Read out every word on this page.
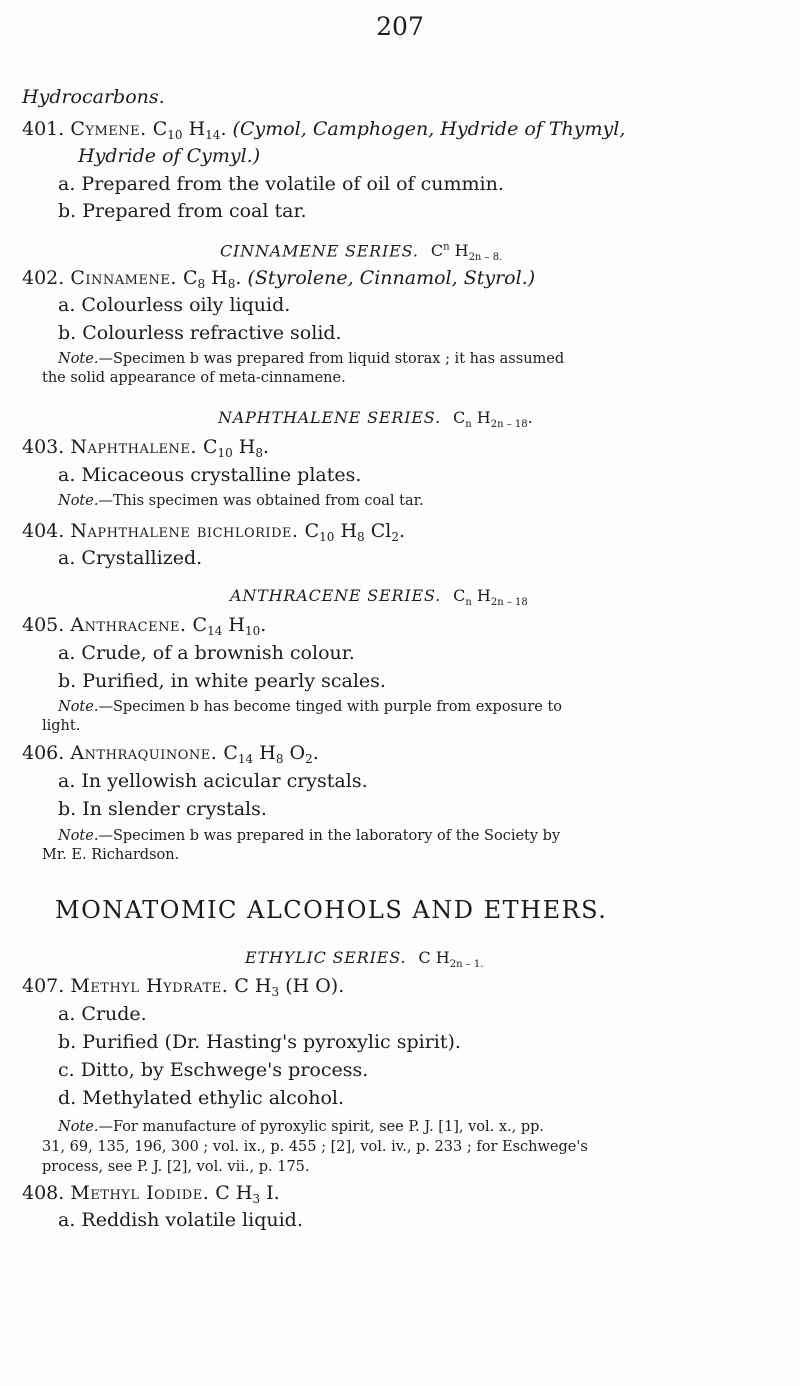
207
Hydrocarbons.
401. Cymene. $C_{10}$ $H_{14}$. (Cymol, Camphogen, Hydride of Thymyl,
Hydride of Cymyl.)
a. Prepared from the volatile of oil of cummin.
b. Prepared from coal tar.
CINNAMENE SERIES. $C^n$ $H_{2n - 8.}$
402. Cinnamene. $C_8$ $H_8$. (Styrolene, Cinnamol, Styrol.)
a. Colourless oily liquid.
b. Colourless refractive solid.
Note.—Specimen b was prepared from liquid storax ; it has assumed
the solid appearance of meta-cinnamene.
NAPHTHALENE SERIES. $C_n$ $H_{2n - 18}$.
403. Naphthalene. $C_{10}$ $H_8$.
a. Micaceous crystalline plates.
Note.—This specimen was obtained from coal tar.
404. Naphthalene bichloride. $C_{10}$ $H_8$ $Cl_2$.
a. Crystallized.
ANTHRACENE SERIES. $C_n$ $H_{2n - 18}$
405. Anthracene. $C_{14}$ $H_{10}$.
a. Crude, of a brownish colour.
b. Purified, in white pearly scales.
Note.—Specimen b has become tinged with purple from exposure to
light.
406. Anthraquinone. $C_{14}$ $H_8$ $O_2$.
a. In yellowish acicular crystals.
b. In slender crystals.
Note.—Specimen b was prepared in the laboratory of the Society by
Mr. E. Richardson.
MONATOMIC ALCOHOLS AND ETHERS.
ETHYLIC SERIES. C $H_{2n - 1.}$
407. Methyl Hydrate. C $H_3$ (H O).
a. Crude.
b. Purified (Dr. Hasting's pyroxylic spirit).
c. Ditto, by Eschwege's process.
d. Methylated ethylic alcohol.
Note.—For manufacture of pyroxylic spirit, see P. J. [1], vol. x., pp.
31, 69, 135, 196, 300 ; vol. ix., p. 455 ; [2], vol. iv., p. 233 ; for Eschwege's
process, see P. J. [2], vol. vii., p. 175.
408. Methyl Iodide. C $H_3$ I.
a. Reddish volatile liquid.
